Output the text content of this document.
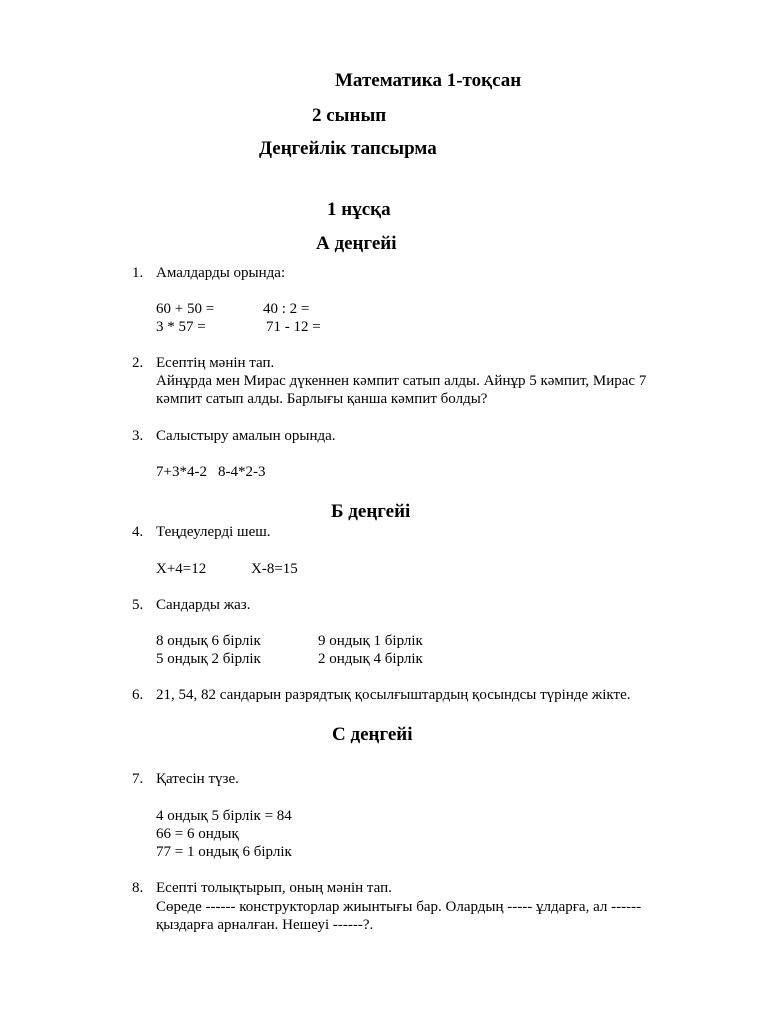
Математика 1-тоқсан
2 сынып
Деңгейлік тапсырма
1 нұсқа
А деңгейі
1. Амалдарды орында:
60 + 50 =	40 : 2 =
3 * 57 =	71 - 12 =
2. Есептің мәнін тап.
Айнұрда мен Мирас дүкеннен кәмпит сатып алды. Айнұр 5 кәмпит, Мирас 7
кәмпит сатып алды. Барлығы қанша кәмпит болды?
3. Салыстыру амалын орында.
7+3*4-2 8-4*2-3
Б деңгейі
4. Теңдеулерді шеш.
Х+4=12	Х-8=15
5. Сандарды жаз.
8 ондық 6 бірлік	9 ондық 1 бірлік
5 ондық 2 бірлік	2 ондық 4 бірлік
6. 21, 54, 82 сандарын разрядтық қосылғыштардың қосындсы түрінде жікте.
С деңгейі
7. Қатесін түзе.
4 ондық 5 бірлік = 84
66 = 6 ондық
77 = 1 ондық 6 бірлік
8. Есепті толықтырып, оның мәнін тап.
Сөреде ------ конструкторлар жиынтығы бар. Олардың ----- ұлдарға, ал ------
қыздарға арналған. Нешеуі ------?.
